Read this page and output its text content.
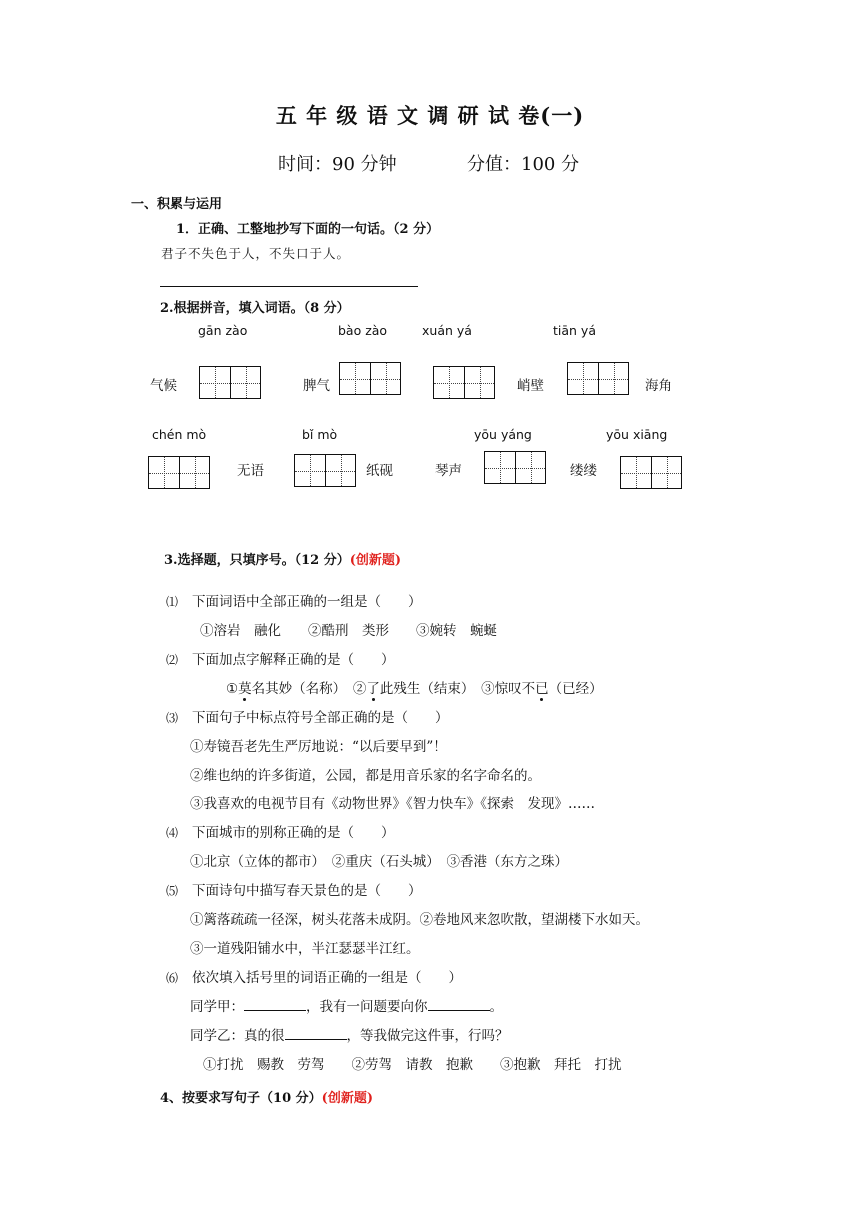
五 年 级 语 文 调 研 试 卷(一)
时间：90 分钟	分值：100 分
一、积累与运用
1．正确、工整地抄写下面的一句话。（2 分）
君子不失色于人，不失口于人。
2.根据拼音，填入词语。（8 分）
gān zào	bào zào	xuán yá	tiān yá
气候	脾气	峭壁	海角
chén mò	bǐ mò	yōu yáng	yōu xiāng
无语	纸砚	琴声	缕缕
3.选择题，只填序号。（12 分）(创新题)
⑴ 下面词语中全部正确的一组是（　　）
①溶岩　融化　　②酷刑　类形　　③婉转　蜿蜒
⑵ 下面加点字解释正确的是（　　）
①莫名其妙（名称）　②了此残生（结束）　③惊叹不已（已经）
⑶ 下面句子中标点符号全部正确的是（　　）
①寿镜吾老先生严厉地说：“以后要早到”！
②维也纳的许多街道，公园，都是用音乐家的名字命名的。
③我喜欢的电视节目有《动物世界》《智力快车》《探索　发现》……
⑷ 下面城市的别称正确的是（　　）
①北京（立体的都市）　②重庆（石头城）　③香港（东方之珠）
⑸ 下面诗句中描写春天景色的是（　　）
①篱落疏疏一径深，树头花落未成阴。②卷地风来忽吹散，望湖楼下水如天。
③一道残阳铺水中，半江瑟瑟半江红。
⑹ 依次填入括号里的词语正确的一组是（　　）
同学甲：	，我有一问题要向你	。
同学乙：真的很	，等我做完这件事，行吗？
①打扰　赐教　劳驾　　②劳驾　请教　抱歉　　③抱歉　拜托　打扰
4、按要求写句子（10 分）(创新题)
